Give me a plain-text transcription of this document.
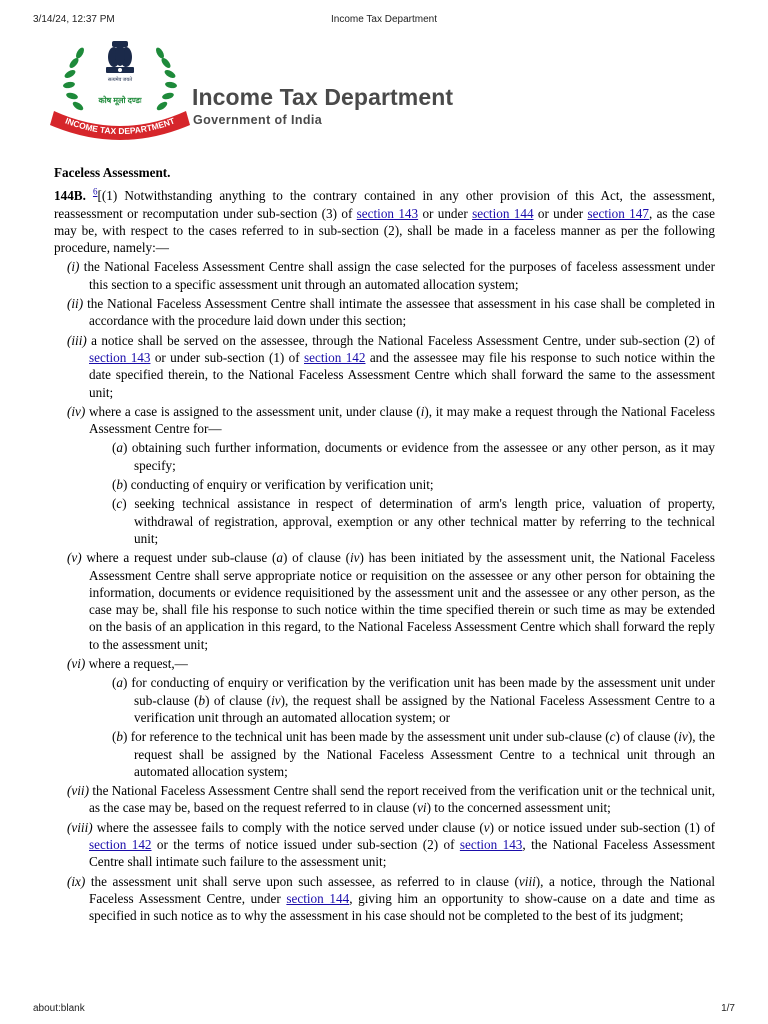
3/14/24, 12:37 PM	Income Tax Department
सत्यमेव जयते
कोष मूलो दण्डः
INCOME TAX DEPARTMENT
Income Tax Department
Government of India
Faceless Assessment.

144B. $^6$[(1) Notwithstanding anything to the contrary contained in any other provision of this Act, the assessment, reassessment or recomputation under sub-section (3) of section 143 or under section 144 or under section 147, as the case may be, with respect to the cases referred to in sub-section (2), shall be made in a faceless manner as per the following procedure, namely:—

(i) the National Faceless Assessment Centre shall assign the case selected for the purposes of faceless assessment under this section to a specific assessment unit through an automated allocation system;
(ii) the National Faceless Assessment Centre shall intimate the assessee that assessment in his case shall be completed in accordance with the procedure laid down under this section;
(iii) a notice shall be served on the assessee, through the National Faceless Assessment Centre, under sub-section (2) of section 143 or under sub-section (1) of section 142 and the assessee may file his response to such notice within the date specified therein, to the National Faceless Assessment Centre which shall forward the same to the assessment unit;
(iv) where a case is assigned to the assessment unit, under clause (i), it may make a request through the National Faceless Assessment Centre for—
(a) obtaining such further information, documents or evidence from the assessee or any other person, as it may specify;
(b) conducting of enquiry or verification by verification unit;
(c) seeking technical assistance in respect of determination of arm's length price, valuation of property, withdrawal of registration, approval, exemption or any other technical matter by referring to the technical unit;
(v) where a request under sub-clause (a) of clause (iv) has been initiated by the assessment unit, the National Faceless Assessment Centre shall serve appropriate notice or requisition on the assessee or any other person for obtaining the information, documents or evidence requisitioned by the assessment unit and the assessee or any other person, as the case may be, shall file his response to such notice within the time specified therein or such time as may be extended on the basis of an application in this regard, to the National Faceless Assessment Centre which shall forward the reply to the assessment unit;
(vi) where a request,—
(a) for conducting of enquiry or verification by the verification unit has been made by the assessment unit under sub-clause (b) of clause (iv), the request shall be assigned by the National Faceless Assessment Centre to a verification unit through an automated allocation system; or
(b) for reference to the technical unit has been made by the assessment unit under sub-clause (c) of clause (iv), the request shall be assigned by the National Faceless Assessment Centre to a technical unit through an automated allocation system;
(vii) the National Faceless Assessment Centre shall send the report received from the verification unit or the technical unit, as the case may be, based on the request referred to in clause (vi) to the concerned assessment unit;
(viii) where the assessee fails to comply with the notice served under clause (v) or notice issued under sub-section (1) of section 142 or the terms of notice issued under sub-section (2) of section 143, the National Faceless Assessment Centre shall intimate such failure to the assessment unit;
(ix) the assessment unit shall serve upon such assessee, as referred to in clause (viii), a notice, through the National Faceless Assessment Centre, under section 144, giving him an opportunity to show-cause on a date and time as specified in such notice as to why the assessment in his case should not be completed to the best of its judgment;
about:blank	1/7
